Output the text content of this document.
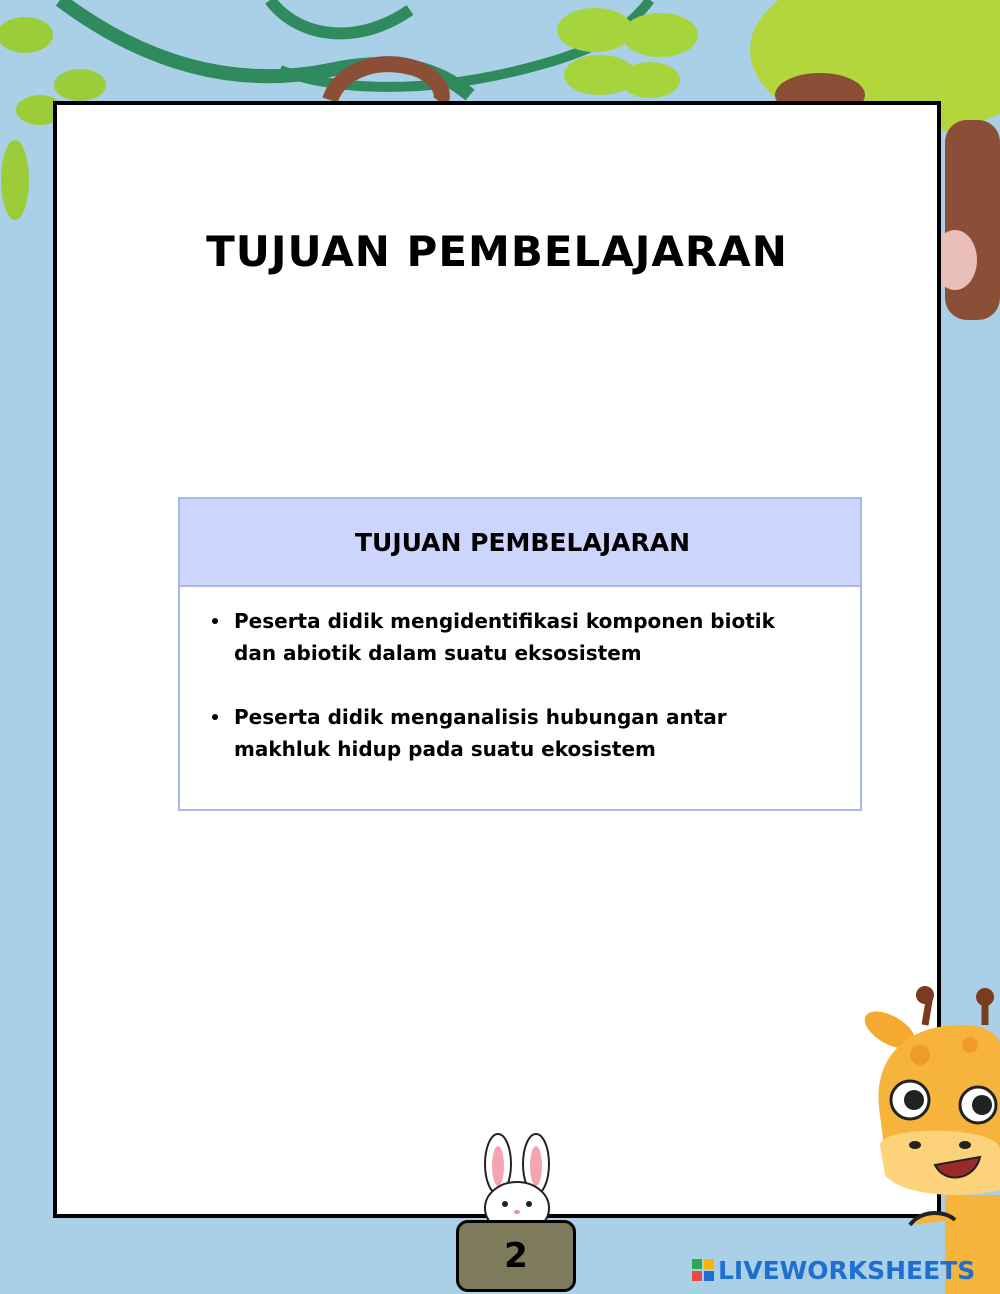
TUJUAN PEMBELAJARAN
TUJUAN PEMBELAJARAN
Peserta didik mengidentifikasi komponen biotik dan abiotik dalam suatu eksosistem
Peserta didik menganalisis hubungan antar makhluk hidup pada suatu ekosistem
2	LIVEWORKSHEETS
